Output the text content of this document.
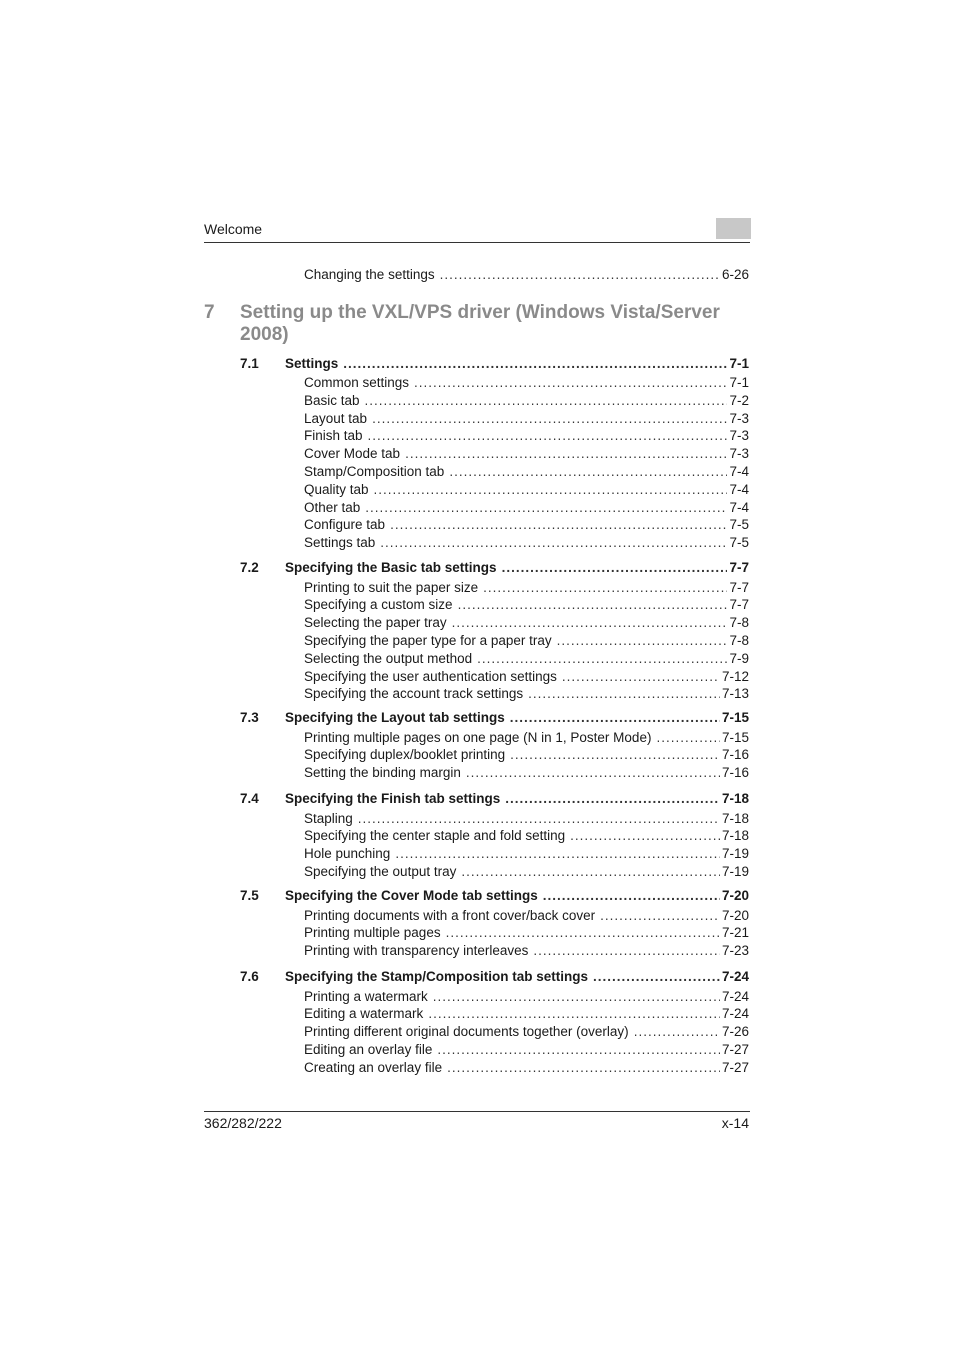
Welcome
Changing the settings .....	6-26
7 Setting up the VXL/VPS driver (Windows Vista/Server 2008)
7.1 Settings .....	7-1
Common settings .....	7-1
Basic tab .....	7-2
Layout tab .....	7-3
Finish tab .....	7-3
Cover Mode tab .....	7-3
Stamp/Composition tab .....	7-4
Quality tab .....	7-4
Other tab .....	7-4
Configure tab .....	7-5
Settings tab .....	7-5
7.2 Specifying the Basic tab settings .....	7-7
Printing to suit the paper size .....	7-7
Specifying a custom size .....	7-7
Selecting the paper tray .....	7-8
Specifying the paper type for a paper tray .....	7-8
Selecting the output method .....	7-9
Specifying the user authentication settings .....	7-12
Specifying the account track settings .....	7-13
7.3 Specifying the Layout tab settings .....	7-15
Printing multiple pages on one page (N in 1, Poster Mode) .....	7-15
Specifying duplex/booklet printing .....	7-16
Setting the binding margin .....	7-16
7.4 Specifying the Finish tab settings .....	7-18
Stapling .....	7-18
Specifying the center staple and fold setting .....	7-18
Hole punching .....	7-19
Specifying the output tray .....	7-19
7.5 Specifying the Cover Mode tab settings .....	7-20
Printing documents with a front cover/back cover .....	7-20
Printing multiple pages .....	7-21
Printing with transparency interleaves .....	7-23
7.6 Specifying the Stamp/Composition tab settings .....	7-24
Printing a watermark .....	7-24
Editing a watermark .....	7-24
Printing different original documents together (overlay) .....	7-26
Editing an overlay file .....	7-27
Creating an overlay file .....	7-27
362/282/222	x-14
